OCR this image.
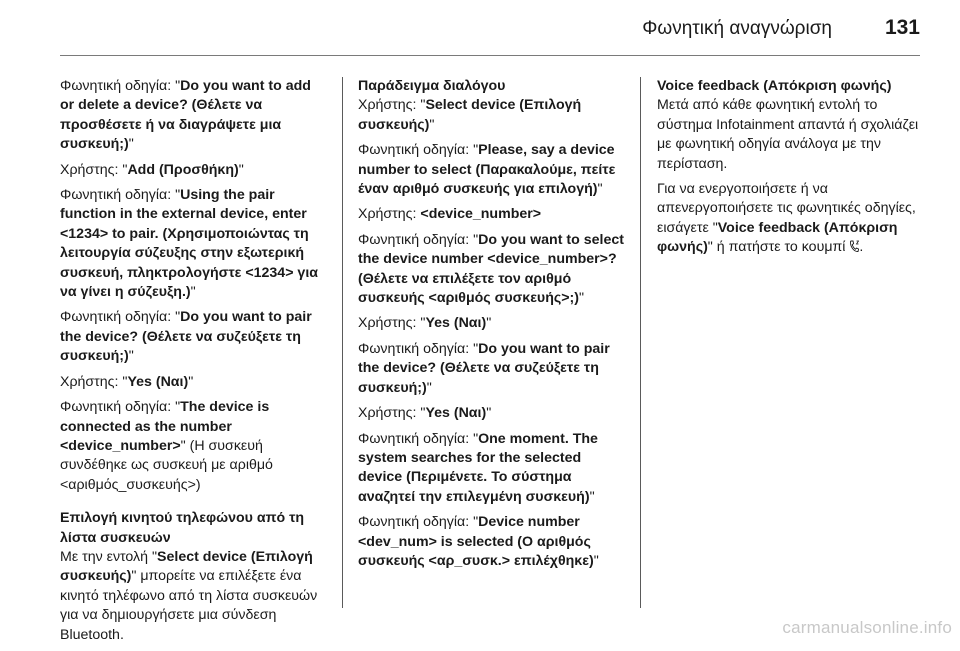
Φωνητική αναγνώριση	131

Φωνητική οδηγία: "Do you want to add or delete a device? (Θέλετε να προσθέσετε ή να διαγράψετε μια συσκευή;)"

Χρήστης: "Add (Προσθήκη)"

Φωνητική οδηγία: "Using the pair function in the external device, enter <1234> to pair. (Χρησιμοποιώντας τη λειτουργία σύζευξης στην εξωτερική συσκευή, πληκτρολογήστε <1234> για να γίνει η σύζευξη.)"

Φωνητική οδηγία: "Do you want to pair the device? (Θέλετε να συζεύξετε τη συσκευή;)"

Χρήστης: "Yes (Ναι)"

Φωνητική οδηγία: "The device is connected as the number <device_number>" (Η συσκευή συνδέθηκε ως συσκευή με αριθμό <αριθμός_συσκευής>)

Επιλογή κινητού τηλεφώνου από τη λίστα συσκευών

Με την εντολή "Select device (Επιλογή συσκευής)" μπορείτε να επιλέξετε ένα κινητό τηλέφωνο από τη λίστα συσκευών για να δημιουργήσετε μια σύνδεση Bluetooth.

Παράδειγμα διαλόγου

Χρήστης: "Select device (Επιλογή συσκευής)"

Φωνητική οδηγία: "Please, say a device number to select (Παρακαλούμε, πείτε έναν αριθμό συσκευής για επιλογή)"

Χρήστης: <device_number>

Φωνητική οδηγία: "Do you want to select the device number <device_number>? (Θέλετε να επιλέξετε τον αριθμό συσκευής <αριθμός συσκευής>;)"

Χρήστης: "Yes (Ναι)"

Φωνητική οδηγία: "Do you want to pair the device? (Θέλετε να συζεύξετε τη συσκευή;)"

Χρήστης: "Yes (Ναι)"

Φωνητική οδηγία: "One moment. The system searches for the selected device (Περιμένετε. Το σύστημα αναζητεί την επιλεγμένη συσκευή)"

Φωνητική οδηγία: "Device number <dev_num> is selected (Ο αριθμός συσκευής <αρ_συσκ.> επιλέχθηκε)"

Voice feedback (Απόκριση φωνής)

Μετά από κάθε φωνητική εντολή το σύστημα Infotainment απαντά ή σχολιάζει με φωνητική οδηγία ανάλογα με την περίσταση.

Για να ενεργοποιήσετε ή να απενεργοποιήσετε τις φωνητικές οδηγίες, εισάγετε "Voice feedback (Απόκριση φωνής)" ή πατήστε το κουμπί .

carmanualsonline.info
